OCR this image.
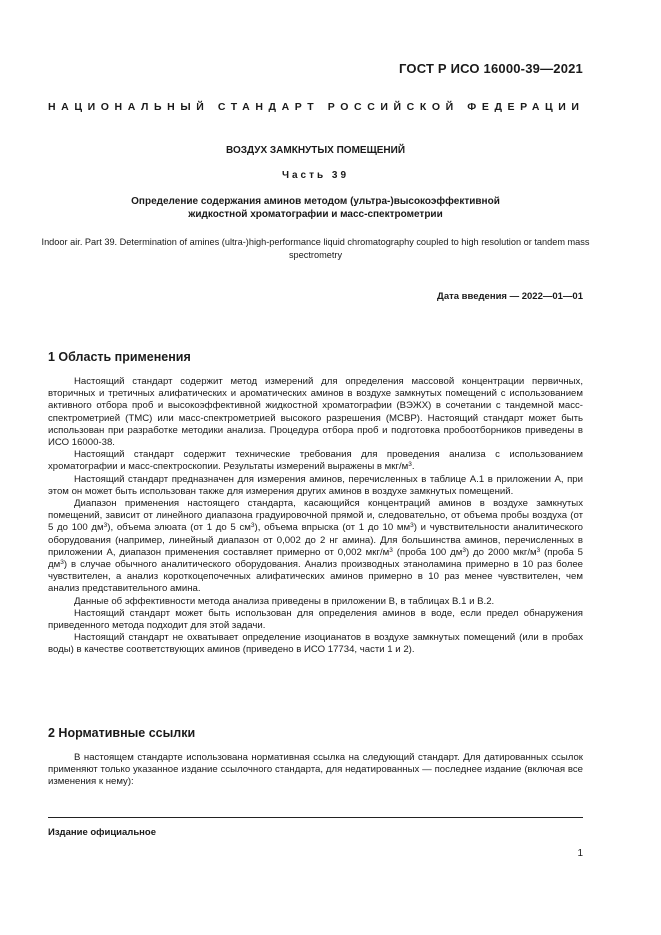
ГОСТ Р ИСО 16000-39—2021
НАЦИОНАЛЬНЫЙ СТАНДАРТ РОССИЙСКОЙ ФЕДЕРАЦИИ
ВОЗДУХ ЗАМКНУТЫХ ПОМЕЩЕНИЙ
Часть 39
Определение содержания аминов методом (ультра-)высокоэффективной
жидкостной хроматографии и масс-спектрометрии
Indoor air. Part 39. Determination of amines (ultra-)high-performance liquid chromatography coupled to high resolution or tandem mass spectrometry
Дата введения — 2022—01—01
1 Область применения

Настоящий стандарт содержит метод измерений для определения массовой концентрации первичных, вторичных и третичных алифатических и ароматических аминов в воздухе замкнутых помещений с использованием активного отбора проб и высокоэффективной жидкостной хроматографии (ВЭЖХ) в сочетании с тандемной масс-спектрометрией (ТМС) или масс-спектрометрией высокого разрешения (МСВР). Настоящий стандарт может быть использован при разработке методики анализа. Процедура отбора проб и подготовка пробоотборников приведены в ИСО 16000-38.

Настоящий стандарт содержит технические требования для проведения анализа с использованием хроматографии и масс-спектроскопии. Результаты измерений выражены в мкг/$м^3$.

Настоящий стандарт предназначен для измерения аминов, перечисленных в таблице А.1 в приложении А, при этом он может быть использован также для измерения других аминов в воздухе замкнутых помещений.

Диапазон применения настоящего стандарта, касающийся концентраций аминов в воздухе замкнутых помещений, зависит от линейного диапазона градуировочной прямой и, следовательно, от объема пробы воздуха (от 5 до 100 $дм^3$), объема элюата (от 1 до 5 $см^3$), объема впрыска (от 1 до 10 $мм^3$) и чувствительности аналитического оборудования (например, линейный диапазон от 0,002 до 2 нг амина). Для большинства аминов, перечисленных в приложении А, диапазон применения составляет примерно от 0,002 мкг/$м^3$ (проба 100 $дм^3$) до 2000 мкг/$м^3$ (проба 5 $дм^3$) в случае обычного аналитического оборудования. Анализ производных этаноламина примерно в 10 раз более чувствителен, а анализ короткоцепочечных алифатических аминов примерно в 10 раз менее чувствителен, чем анализ представительного амина.

Данные об эффективности метода анализа приведены в приложении В, в таблицах В.1 и В.2.

Настоящий стандарт может быть использован для определения аминов в воде, если предел обнаружения приведенного метода подходит для этой задачи.

Настоящий стандарт не охватывает определение изоцианатов в воздухе замкнутых помещений (или в пробах воды) в качестве соответствующих аминов (приведено в ИСО 17734, части 1 и 2).

2 Нормативные ссылки

В настоящем стандарте использована нормативная ссылка на следующий стандарт. Для датированных ссылок применяют только указанное издание ссылочного стандарта, для недатированных — последнее издание (включая все изменения к нему):

Издание официальное
1
